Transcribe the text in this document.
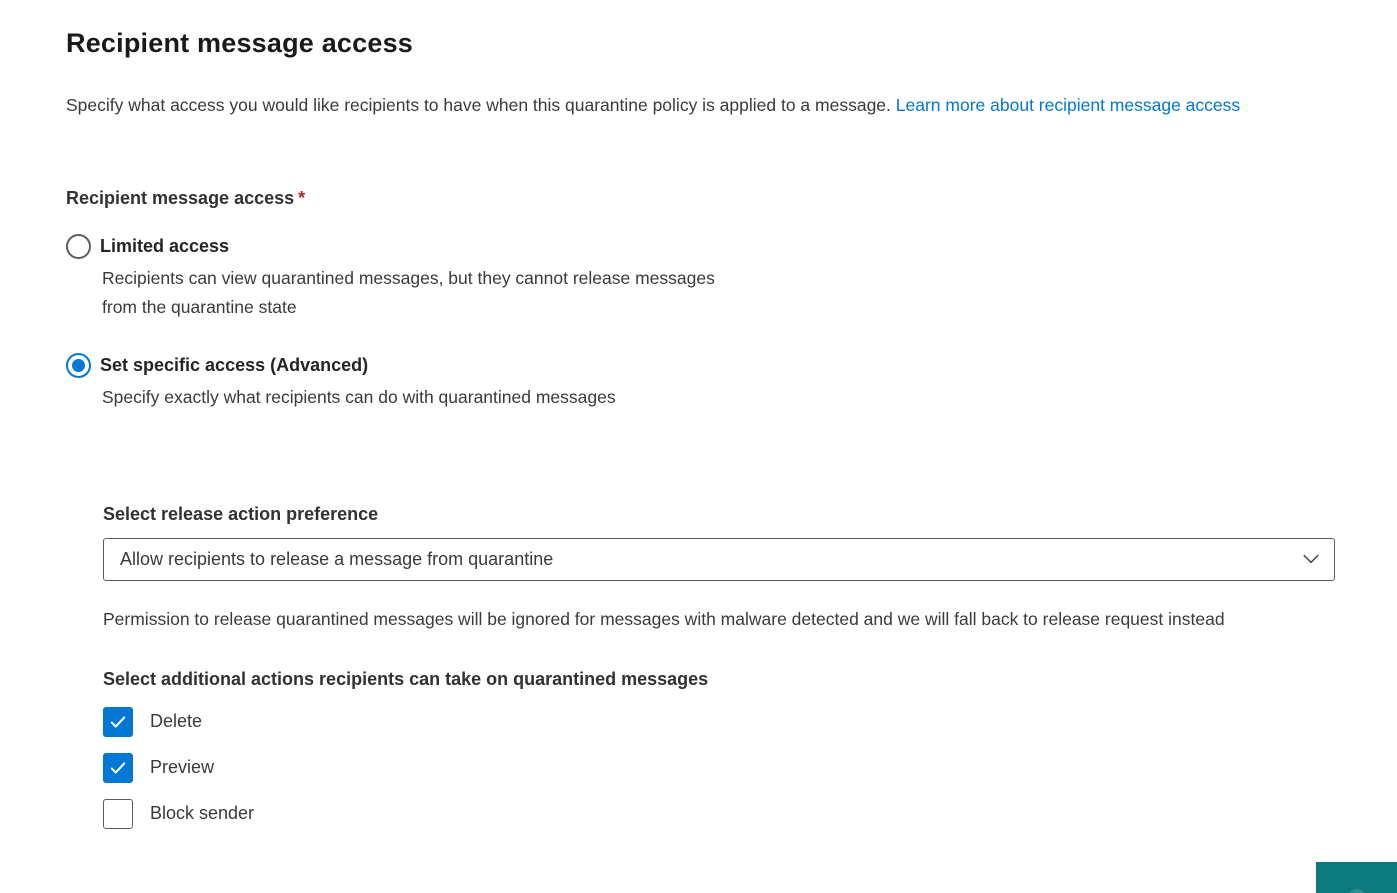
Recipient message access

Specify what access you would like recipients to have when this quarantine policy is applied to a message. Learn more about recipient message access

Recipient message access *
Limited access
Recipients can view quarantined messages, but they cannot release messages from the quarantine state
Set specific access (Advanced)
Specify exactly what recipients can do with quarantined messages
Select release action preference
Allow recipients to release a message from quarantine
Permission to release quarantined messages will be ignored for messages with malware detected and we will fall back to release request instead
Select additional actions recipients can take on quarantined messages
Delete
Preview
Block sender
